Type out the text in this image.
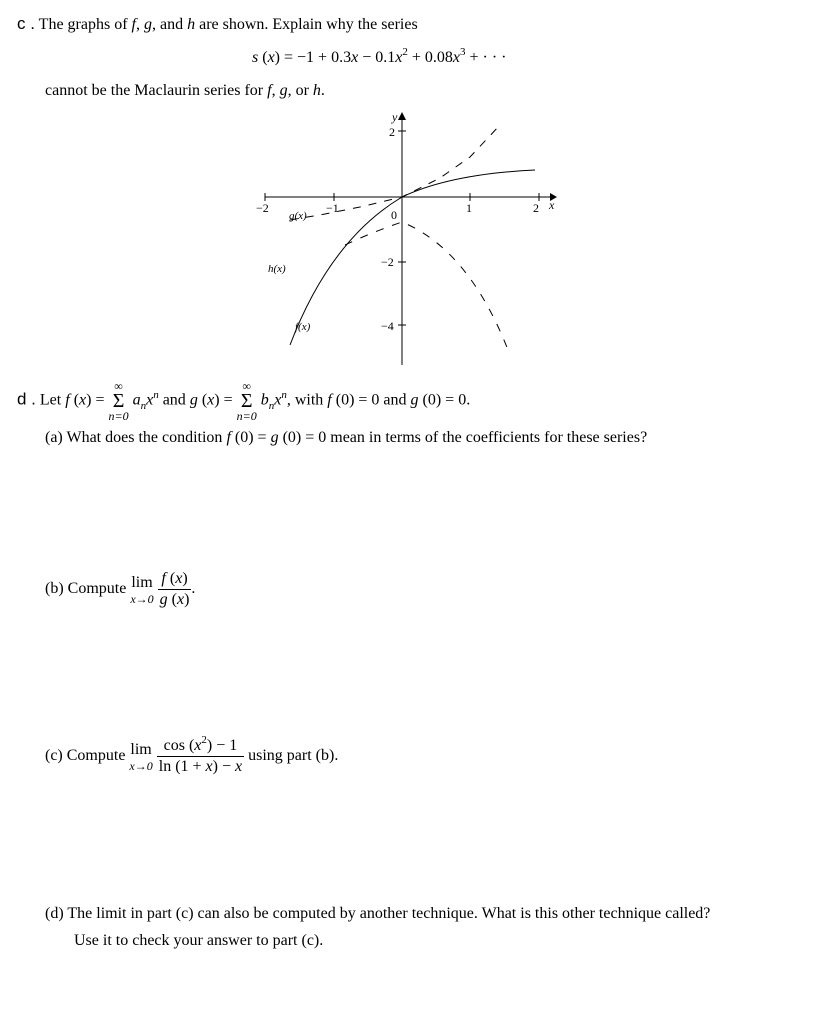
c . The graphs of f, g, and h are shown. Explain why the series
s $(x) = -1 + 0.3x - 0.1x^2 + 0.08x^3$ + · · ·
cannot be the Maclaurin series for f, g, or h.
−2	−1	1	2 x
y
2
−2
−4
0
g(x)
h(x)
f(x)
d . Let f (x) =
∞
Σ
n=0
$a_nx^n$ and g (x) =
∞
Σ
n=0
$b_nx^n$, with f (0) = 0 and g (0) = 0.
(a) What does the condition f (0) = g (0) = 0 mean in terms of the coefficients for these series?
(b) Compute lim
x→0
$\frac{f (x)}{g (x)}$ .
(c) Compute lim
x→0
$\frac{\cos (x^2) - 1}{\ln (1 + x) - x}$ using part (b).
(d) The limit in part (c) can also be computed by another technique. What is this other technique called?
Use it to check your answer to part (c).
